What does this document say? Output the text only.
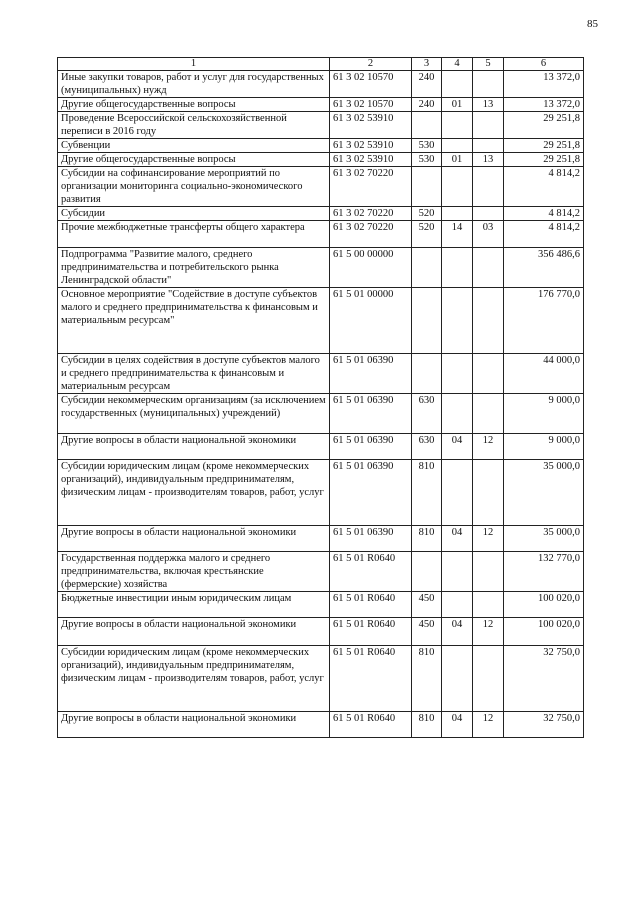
85
1	2	3	4	5	6
Иные закупки товаров, работ и услуг для государственных (муниципальных) нужд	61 3 02 10570	240			13 372,0
Другие общегосударственные вопросы	61 3 02 10570	240	01	13	13 372,0
Проведение Всероссийской сельскохозяйственной переписи в 2016 году	61 3 02 53910				29 251,8
Субвенции	61 3 02 53910	530			29 251,8
Другие общегосударственные вопросы	61 3 02 53910	530	01	13	29 251,8
Субсидии на софинансирование мероприятий по организации мониторинга социально-экономического развития	61 3 02 70220				4 814,2
Субсидии	61 3 02 70220	520			4 814,2
Прочие межбюджетные трансферты общего характера	61 3 02 70220	520	14	03	4 814,2
Подпрограмма "Развитие малого, среднего предпринимательства и потребительского рынка Ленинградской области"	61 5 00 00000				356 486,6
Основное мероприятие "Содействие в доступе субъектов малого и среднего предпринимательства к финансовым и материальным ресурсам"	61 5 01 00000				176 770,0
Субсидии в целях содействия в доступе субъектов малого и среднего предпринимательства к финансовым и материальным ресурсам	61 5 01 06390				44 000,0
Субсидии некоммерческим организациям (за исключением государственных (муниципальных) учреждений)	61 5 01 06390	630			9 000,0
Другие вопросы в области национальной экономики	61 5 01 06390	630	04	12	9 000,0
Субсидии юридическим лицам (кроме некоммерческих организаций), индивидуальным предпринимателям, физическим лицам - производителям товаров, работ, услуг	61 5 01 06390	810			35 000,0
Другие вопросы в области национальной экономики	61 5 01 06390	810	04	12	35 000,0
Государственная поддержка малого и среднего предпринимательства, включая крестьянские (фермерские) хозяйства	61 5 01 R0640				132 770,0
Бюджетные инвестиции иным юридическим лицам	61 5 01 R0640	450			100 020,0
Другие вопросы в области национальной экономики	61 5 01 R0640	450	04	12	100 020,0
Субсидии юридическим лицам (кроме некоммерческих организаций), индивидуальным предпринимателям, физическим лицам - производителям товаров, работ, услуг	61 5 01 R0640	810			32 750,0
Другие вопросы в области национальной экономики	61 5 01 R0640	810	04	12	32 750,0
